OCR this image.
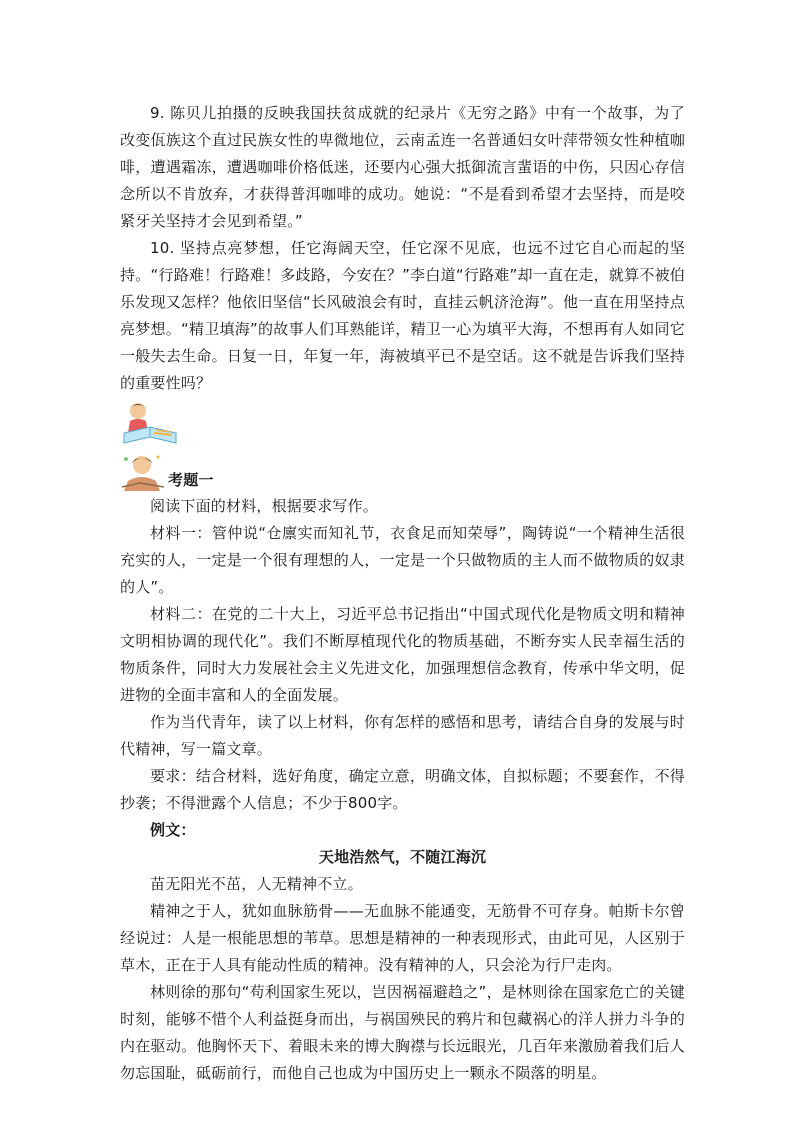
9. 陈贝儿拍摄的反映我国扶贫成就的纪录片《无穷之路》中有一个故事，为了改变佤族这个直过民族女性的卑微地位，云南孟连一名普通妇女叶萍带领女性种植咖啡，遭遇霜冻，遭遇咖啡价格低迷，还要内心强大抵御流言蜚语的中伤，只因心存信念所以不肯放弃，才获得普洱咖啡的成功。她说：“不是看到希望才去坚持，而是咬紧牙关坚持才会见到希望。”

10. 坚持点亮梦想，任它海阔天空，任它深不见底，也远不过它自心而起的坚持。“行路难！行路难！多歧路，今安在？”李白道“行路难”却一直在走，就算不被伯乐发现又怎样？他依旧坚信“长风破浪会有时，直挂云帆济沧海”。他一直在用坚持点亮梦想。“精卫填海”的故事人们耳熟能详，精卫一心为填平大海，不想再有人如同它一般失去生命。日复一日，年复一年，海被填平已不是空话。这不就是告诉我们坚持的重要性吗？

考题一

阅读下面的材料，根据要求写作。

材料一：管仲说“仓廪实而知礼节，衣食足而知荣辱”，陶铸说“一个精神生活很充实的人，一定是一个很有理想的人，一定是一个只做物质的主人而不做物质的奴隶的人”。

材料二：在党的二十大上，习近平总书记指出“中国式现代化是物质文明和精神文明相协调的现代化”。我们不断厚植现代化的物质基础，不断夯实人民幸福生活的物质条件，同时大力发展社会主义先进文化，加强理想信念教育，传承中华文明，促进物的全面丰富和人的全面发展。

作为当代青年，读了以上材料，你有怎样的感悟和思考，请结合自身的发展与时代精神，写一篇文章。

要求：结合材料，选好角度，确定立意，明确文体，自拟标题；不要套作，不得抄袭；不得泄露个人信息；不少于800字。

例文：

天地浩然气，不随江海沉

苗无阳光不茁，人无精神不立。

精神之于人，犹如血脉筋骨——无血脉不能通变，无筋骨不可存身。帕斯卡尔曾经说过：人是一根能思想的苇草。思想是精神的一种表现形式，由此可见，人区别于草木，正在于人具有能动性质的精神。没有精神的人，只会沦为行尸走肉。

林则徐的那句“苟利国家生死以，岂因祸福避趋之”，是林则徐在国家危亡的关键时刻，能够不惜个人利益挺身而出，与祸国殃民的鸦片和包藏祸心的洋人拼力斗争的内在驱动。他胸怀天下、着眼未来的博大胸襟与长远眼光，几百年来激励着我们后人勿忘国耻，砥砺前行，而他自己也成为中国历史上一颗永不陨落的明星。
